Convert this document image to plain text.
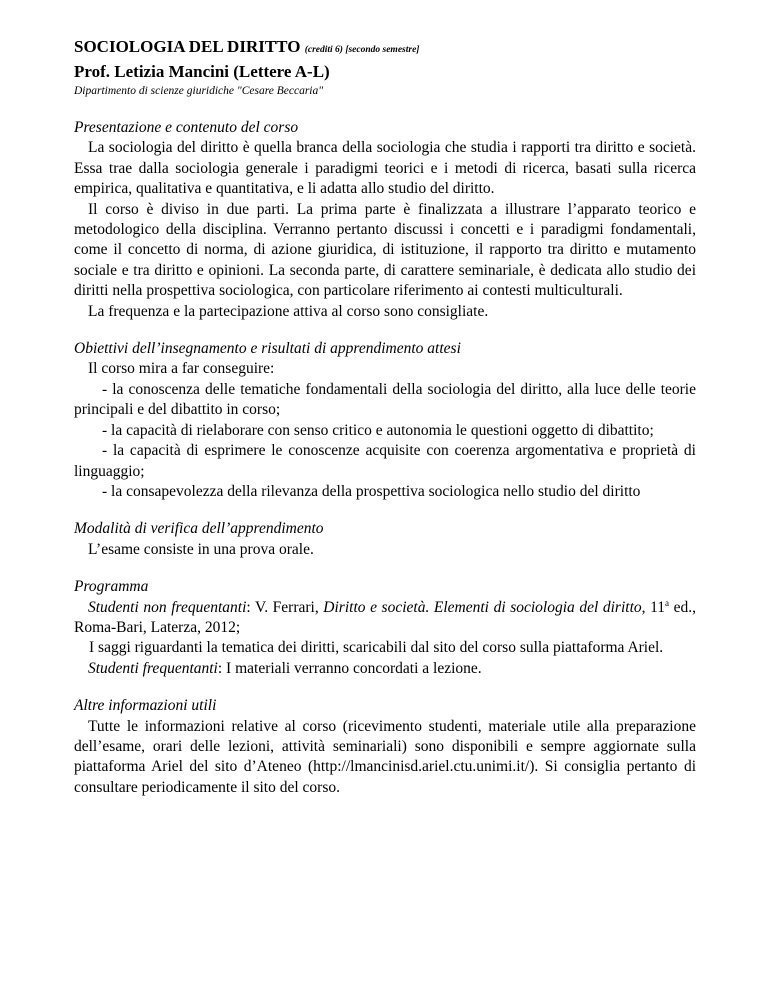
SOCIOLOGIA DEL DIRITTO (crediti 6) [secondo semestre]
Prof. Letizia Mancini (Lettere A-L)
Dipartimento di scienze giuridiche "Cesare Beccaria"
Presentazione e contenuto del corso

La sociologia del diritto è quella branca della sociologia che studia i rapporti tra diritto e società. Essa trae dalla sociologia generale i paradigmi teorici e i metodi di ricerca, basati sulla ricerca empirica, qualitativa e quantitativa, e li adatta allo studio del diritto.

Il corso è diviso in due parti. La prima parte è finalizzata a illustrare l’apparato teorico e metodologico della disciplina. Verranno pertanto discussi i concetti e i paradigmi fondamentali, come il concetto di norma, di azione giuridica, di istituzione, il rapporto tra diritto e mutamento sociale e tra diritto e opinioni. La seconda parte, di carattere seminariale, è dedicata allo studio dei diritti nella prospettiva sociologica, con particolare riferimento ai contesti multiculturali.

La frequenza e la partecipazione attiva al corso sono consigliate.

Obiettivi dell’insegnamento e risultati di apprendimento attesi

Il corso mira a far conseguire:

- la conoscenza delle tematiche fondamentali della sociologia del diritto, alla luce delle teorie principali e del dibattito in corso;

- la capacità di rielaborare con senso critico e autonomia le questioni oggetto di dibattito;

- la capacità di esprimere le conoscenze acquisite con coerenza argomentativa e proprietà di linguaggio;

- la consapevolezza della rilevanza della prospettiva sociologica nello studio del diritto

Modalità di verifica dell’apprendimento

L’esame consiste in una prova orale.

Programma

Studenti non frequentanti: V. Ferrari, Diritto e società. Elementi di sociologia del diritto, 11$^a$ ed., Roma-Bari, Laterza, 2012;

I saggi riguardanti la tematica dei diritti, scaricabili dal sito del corso sulla piattaforma Ariel.

Studenti frequentanti: I materiali verranno concordati a lezione.

Altre informazioni utili

Tutte le informazioni relative al corso (ricevimento studenti, materiale utile alla preparazione dell’esame, orari delle lezioni, attività seminariali) sono disponibili e sempre aggiornate sulla piattaforma Ariel del sito d’Ateneo (http://lmancinisd.ariel.ctu.unimi.it/). Si consiglia pertanto di consultare periodicamente il sito del corso.
